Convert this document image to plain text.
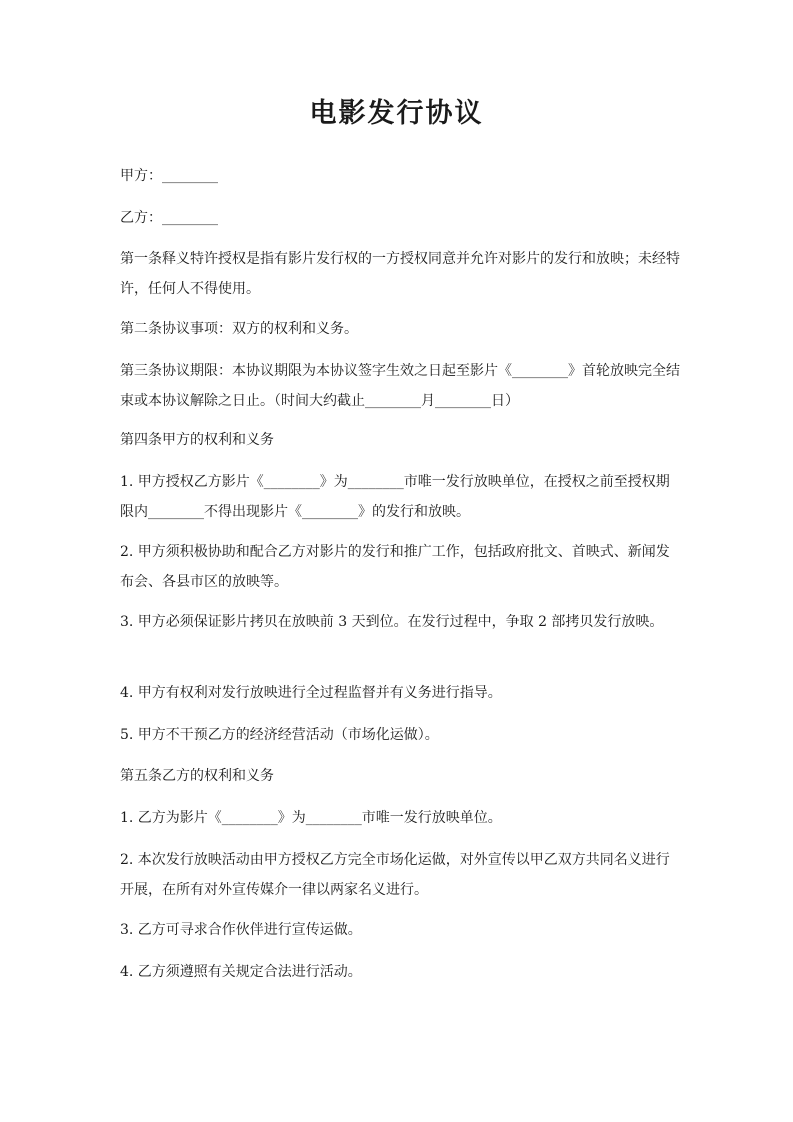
电影发行协议

甲方：________

乙方：________

第一条释义特许授权是指有影片发行权的一方授权同意并允许对影片的发行和放映；未经特许，任何人不得使用。

第二条协议事项：双方的权利和义务。

第三条协议期限：本协议期限为本协议签字生效之日起至影片《________》首轮放映完全结束或本协议解除之日止。（时间大约截止________月________日）

第四条甲方的权利和义务

1. 甲方授权乙方影片《________》为________市唯一发行放映单位，在授权之前至授权期限内________不得出现影片《________》的发行和放映。

2. 甲方须积极协助和配合乙方对影片的发行和推广工作，包括政府批文、首映式、新闻发布会、各县市区的放映等。

3. 甲方必须保证影片拷贝在放映前 3 天到位。在发行过程中，争取 2 部拷贝发行放映。

4. 甲方有权利对发行放映进行全过程监督并有义务进行指导。

5. 甲方不干预乙方的经济经营活动（市场化运做）。

第五条乙方的权利和义务

1. 乙方为影片《________》为________市唯一发行放映单位。

2. 本次发行放映活动由甲方授权乙方完全市场化运做，对外宣传以甲乙双方共同名义进行开展，在所有对外宣传媒介一律以两家名义进行。

3. 乙方可寻求合作伙伴进行宣传运做。

4. 乙方须遵照有关规定合法进行活动。
